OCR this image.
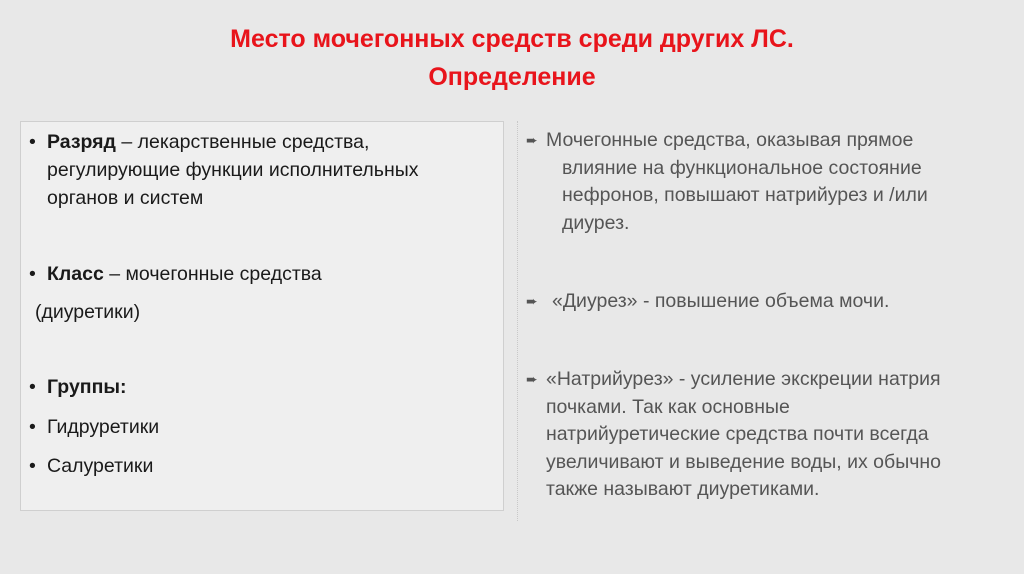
Место мочегонных средств среди других ЛС.
Определение
• Разряд – лекарственные средства, регулирующие функции исполнительных органов и систем
• Класс – мочегонные средства
(диуретики)
• Группы:
• Гидруретики
• Салуретики
➨ Мочегонные средства, оказывая прямое влияние на функциональное состояние нефронов, повышают натрийурез и /или диурез.
➨ «Диурез» - повышение объема мочи.
➨ «Натрийурез» - усиление экскреции натрия почками. Так как основные натрийуретические средства почти всегда увеличивают и выведение воды, их обычно также называют диуретиками.
